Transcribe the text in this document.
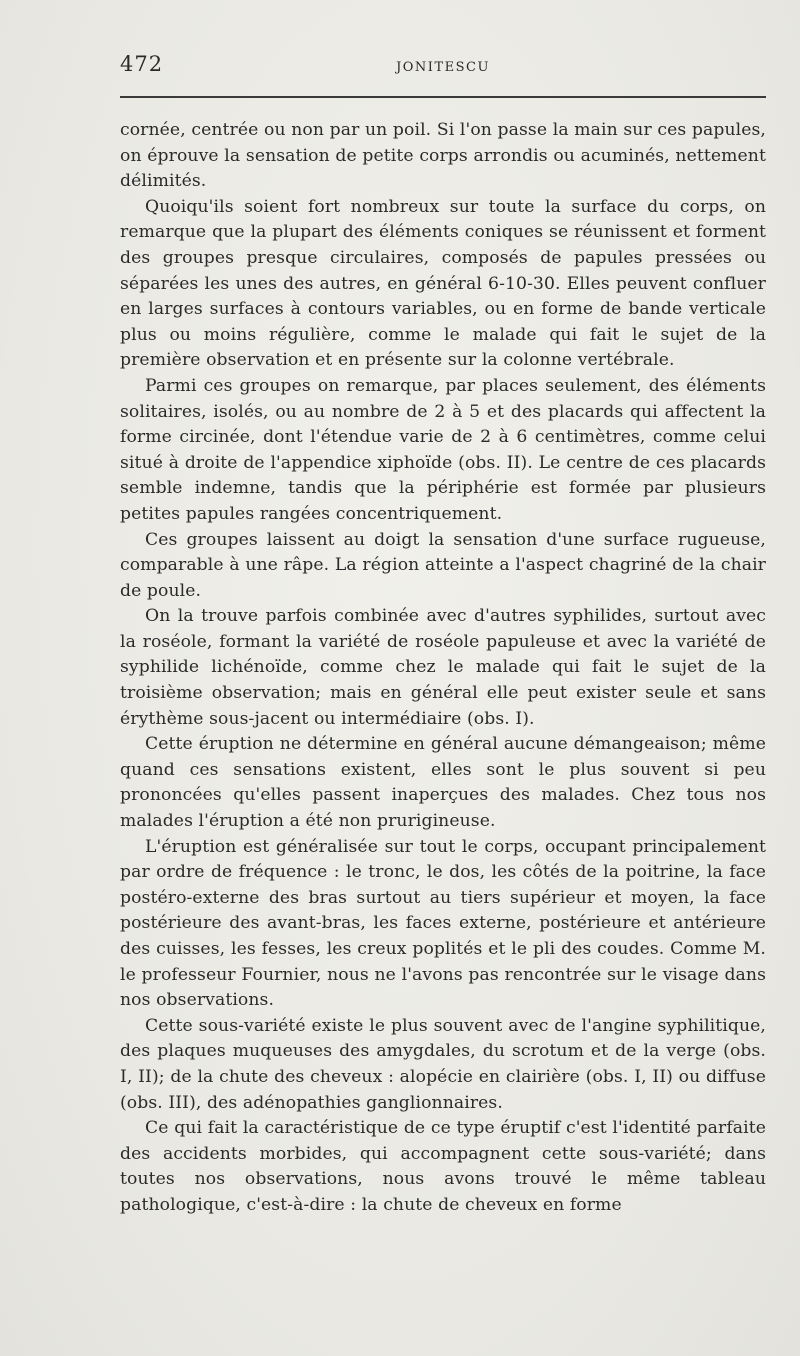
472	JONITESCU

cornée, centrée ou non par un poil. Si l'on passe la main sur ces papules, on éprouve la sensation de petite corps arrondis ou acuminés, nettement délimités.

Quoiqu'ils soient fort nombreux sur toute la surface du corps, on remarque que la plupart des éléments coniques se réunissent et forment des groupes presque circulaires, composés de papules pressées ou séparées les unes des autres, en général 6-10-30. Elles peuvent confluer en larges surfaces à contours variables, ou en forme de bande verticale plus ou moins régulière, comme le malade qui fait le sujet de la première observation et en présente sur la colonne vertébrale.

Parmi ces groupes on remarque, par places seulement, des éléments solitaires, isolés, ou au nombre de 2 à 5 et des placards qui affectent la forme circinée, dont l'étendue varie de 2 à 6 centimètres, comme celui situé à droite de l'appendice xiphoïde (obs. II). Le centre de ces placards semble indemne, tandis que la périphérie est formée par plusieurs petites papules rangées concentriquement.

Ces groupes laissent au doigt la sensation d'une surface rugueuse, comparable à une râpe. La région atteinte a l'aspect chagriné de la chair de poule.

On la trouve parfois combinée avec d'autres syphilides, surtout avec la roséole, formant la variété de roséole papuleuse et avec la variété de syphilide lichénoïde, comme chez le malade qui fait le sujet de la troisième observation; mais en général elle peut exister seule et sans érythème sous-jacent ou intermédiaire (obs. I).

Cette éruption ne détermine en général aucune démangeaison; même quand ces sensations existent, elles sont le plus souvent si peu prononcées qu'elles passent inaperçues des malades. Chez tous nos malades l'éruption a été non prurigineuse.

L'éruption est généralisée sur tout le corps, occupant principalement par ordre de fréquence : le tronc, le dos, les côtés de la poitrine, la face postéro-externe des bras surtout au tiers supérieur et moyen, la face postérieure des avant-bras, les faces externe, postérieure et antérieure des cuisses, les fesses, les creux poplités et le pli des coudes. Comme M. le professeur Fournier, nous ne l'avons pas rencontrée sur le visage dans nos observations.

Cette sous-variété existe le plus souvent avec de l'angine syphilitique, des plaques muqueuses des amygdales, du scrotum et de la verge (obs. I, II); de la chute des cheveux : alopécie en clairière (obs. I, II) ou diffuse (obs. III), des adénopathies ganglionnaires.

Ce qui fait la caractéristique de ce type éruptif c'est l'identité parfaite des accidents morbides, qui accompagnent cette sous-variété; dans toutes nos observations, nous avons trouvé le même tableau pathologique, c'est-à-dire : la chute de cheveux en forme
